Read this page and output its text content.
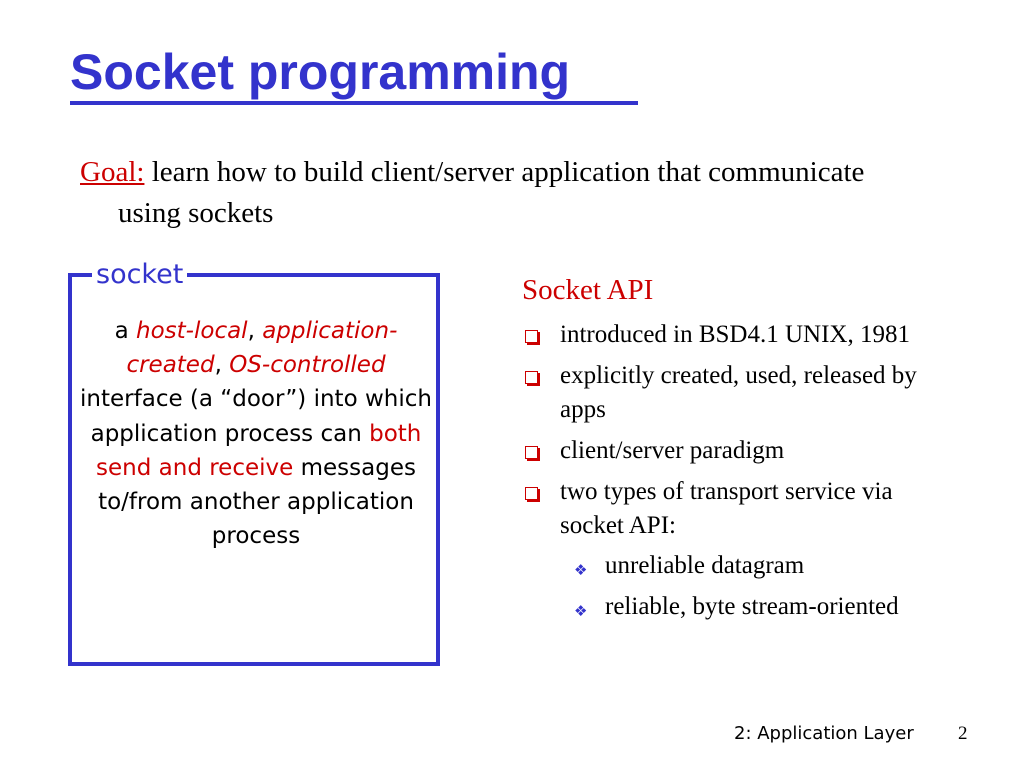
Socket programming

Goal: learn how to build client/server application that communicate using sockets

socket

a host-local, application-created, OS-controlled interface (a “door”) into which application process can both send and receive messages to/from another application process

Socket API
introduced in BSD4.1 UNIX, 1981
explicitly created, used, released by apps
client/server paradigm
two types of transport service via socket API:
❖ unreliable datagram
❖ reliable, byte stream-oriented
2: Application Layer 2
